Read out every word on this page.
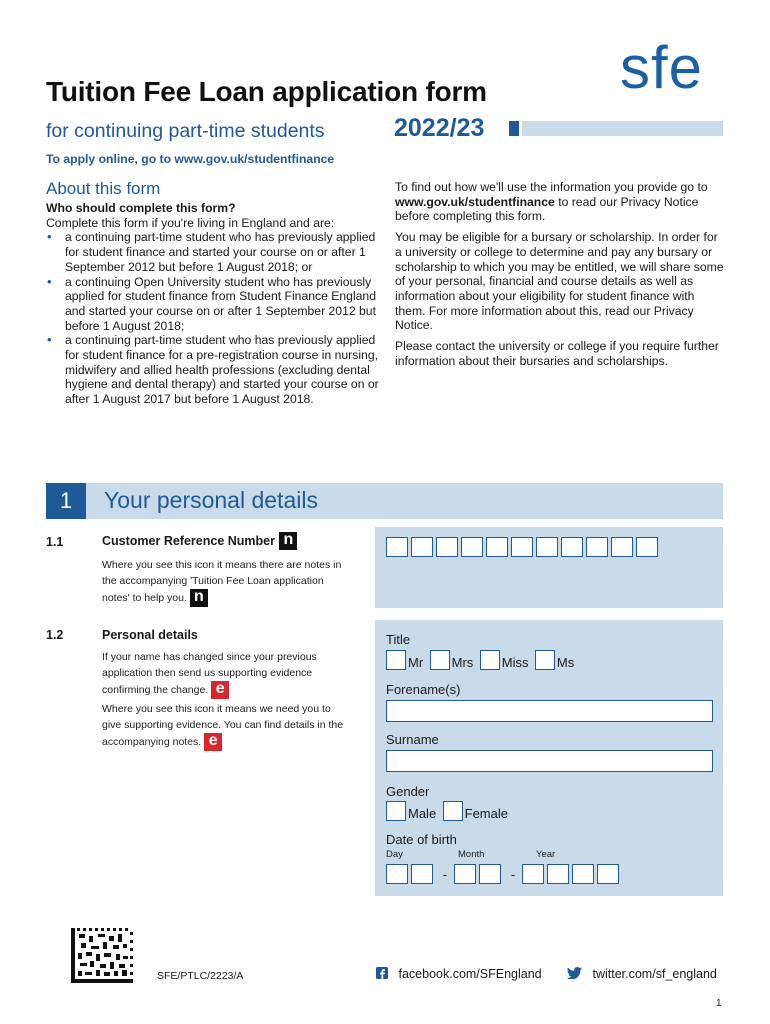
Tuition Fee Loan application form sfe
for continuing part-time students	2022/23
To apply online, go to www.gov.uk/studentfinance
About this form
Who should complete this form?
Complete this form if you're living in England and are:
• a continuing part-time student who has previously applied for student finance and started your course on or after 1 September 2012 but before 1 August 2018; or
• a continuing Open University student who has previously applied for student finance from Student Finance England and started your course on or after 1 September 2012 but before 1 August 2018;
• a continuing part-time student who has previously applied for student finance for a pre-registration course in nursing, midwifery and allied health professions (excluding dental hygiene and dental therapy) and started your course on or after 1 August 2017 but before 1 August 2018.

To find out how we'll use the information you provide go to www.gov.uk/studentfinance to read our Privacy Notice before completing this form.

You may be eligible for a bursary or scholarship. In order for a university or college to determine and pay any bursary or scholarship to which you may be entitled, we will share some of your personal, financial and course details as well as information about your eligibility for student finance with them. For more information about this, read our Privacy Notice.

Please contact the university or college if you require further information about their bursaries and scholarships.

1	Your personal details
1.1	Customer Reference Number n
Where you see this icon it means there are notes in the accompanying 'Tuition Fee Loan application notes' to help you. n
1.2	Personal details
If your name has changed since your previous application then send us supporting evidence confirming the change. e
Where you see this icon it means we need you to give supporting evidence. You can find details in the accompanying notes. e
Title
Mr Mrs Miss Ms
Forename(s)
Surname
Gender
Male Female
Date of birth
Day	Month	Year
-	-
SFE/PTLC/2223/A	facebook.com/SFEngland	twitter.com/sf_england
1
